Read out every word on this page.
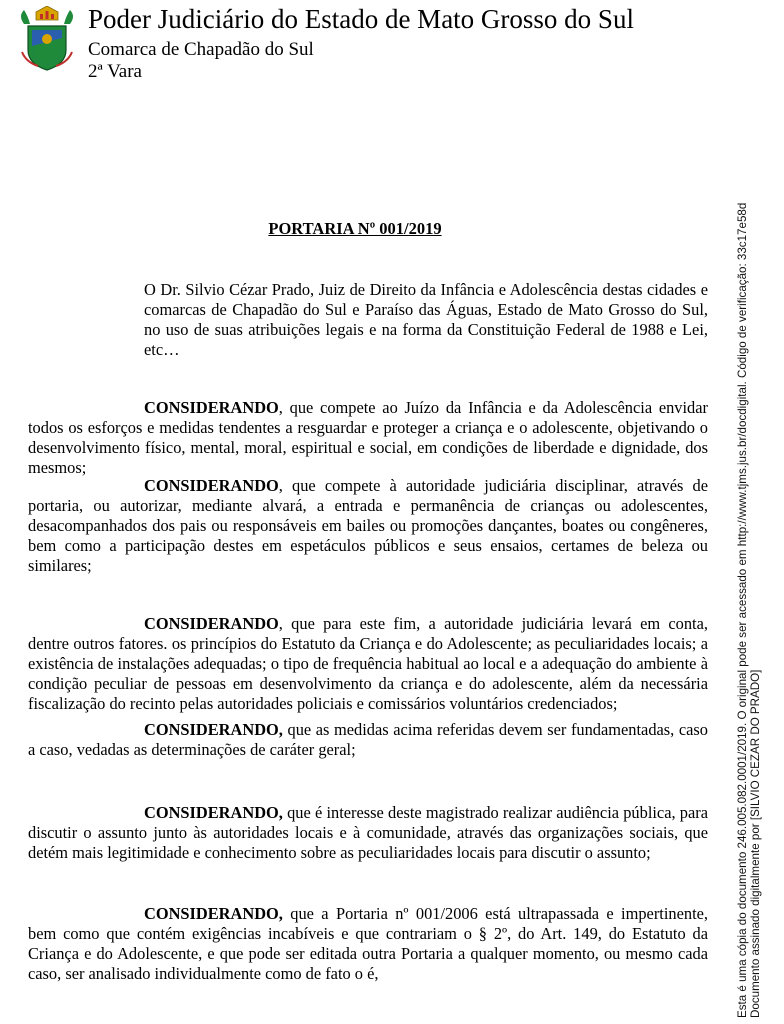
Poder Judiciário do Estado de Mato Grosso do Sul
Comarca de Chapadão do Sul
2ª Vara
PORTARIA Nº 001/2019
O Dr. Silvio Cézar Prado, Juiz de Direito da Infância e Adolescência destas cidades e comarcas de Chapadão do Sul e Paraíso das Águas, Estado de Mato Grosso do Sul, no uso de suas atribuições legais e na forma da Constituição Federal de 1988 e Lei, etc…

CONSIDERANDO, que compete ao Juízo da Infância e da Adolescência envidar todos os esforços e medidas tendentes a resguardar e proteger a criança e o adolescente, objetivando o desenvolvimento físico, mental, moral, espiritual e social, em condições de liberdade e dignidade, dos mesmos;

CONSIDERANDO, que compete à autoridade judiciária disciplinar, através de portaria, ou autorizar, mediante alvará, a entrada e permanência de crianças ou adolescentes, desacompanhados dos pais ou responsáveis em bailes ou promoções dançantes, boates ou congêneres, bem como a participação destes em espetáculos públicos e seus ensaios, certames de beleza ou similares;

CONSIDERANDO, que para este fim, a autoridade judiciária levará em conta, dentre outros fatores. os princípios do Estatuto da Criança e do Adolescente; as peculiaridades locais; a existência de instalações adequadas; o tipo de frequência habitual ao local e a adequação do ambiente à condição peculiar de pessoas em desenvolvimento da criança e do adolescente, além da necessária fiscalização do recinto pelas autoridades policiais e comissários voluntários credenciados;

CONSIDERANDO, que as medidas acima referidas devem ser fundamentadas, caso a caso, vedadas as determinações de caráter geral;

CONSIDERANDO, que é interesse deste magistrado realizar audiência pública, para discutir o assunto junto às autoridades locais e à comunidade, através das organizações sociais, que detém mais legitimidade e conhecimento sobre as peculiaridades locais para discutir o assunto;

CONSIDERANDO, que a Portaria nº 001/2006 está ultrapassada e impertinente, bem como que contém exigências incabíveis e que contrariam o § 2º, do Art. 149, do Estatuto da Criança e do Adolescente, e que pode ser editada outra Portaria a qualquer momento, ou mesmo cada caso, ser analisado individualmente como de fato o é,	Esta é uma cópia do documento 246.005.082.0001/2019. O original pode ser acessado em http://www.tjms.jus.br/docdigital. Código de verificação: 33c17e58d Documento assinado digitalmente por [SILVIO CEZAR DO PRADO]
